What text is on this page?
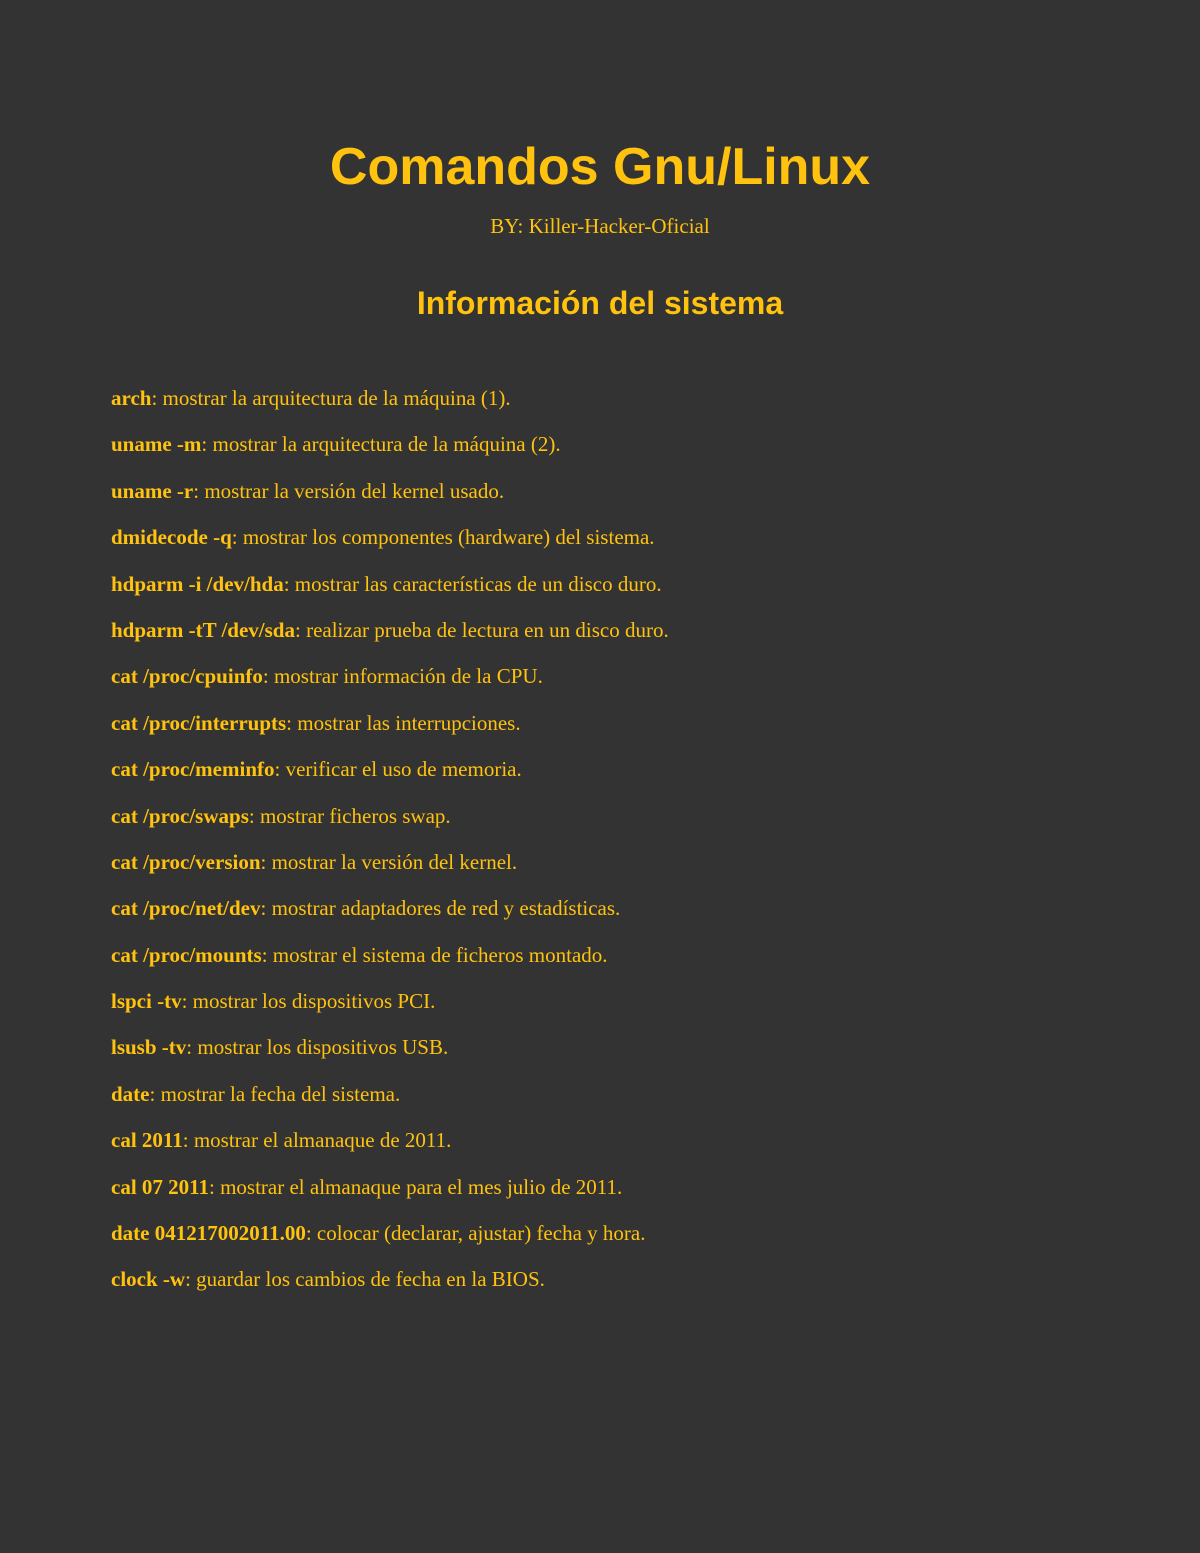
Comandos Gnu/Linux

BY: Killer-Hacker-Oficial

Información del sistema
arch: mostrar la arquitectura de la máquina (1).
uname -m: mostrar la arquitectura de la máquina (2).
uname -r: mostrar la versión del kernel usado.
dmidecode -q: mostrar los componentes (hardware) del sistema.
hdparm -i /dev/hda: mostrar las características de un disco duro.
hdparm -tT /dev/sda: realizar prueba de lectura en un disco duro.
cat /proc/cpuinfo: mostrar información de la CPU.
cat /proc/interrupts: mostrar las interrupciones.
cat /proc/meminfo: verificar el uso de memoria.
cat /proc/swaps: mostrar ficheros swap.
cat /proc/version: mostrar la versión del kernel.
cat /proc/net/dev: mostrar adaptadores de red y estadísticas.
cat /proc/mounts: mostrar el sistema de ficheros montado.
lspci -tv: mostrar los dispositivos PCI.
lsusb -tv: mostrar los dispositivos USB.
date: mostrar la fecha del sistema.
cal 2011: mostrar el almanaque de 2011.
cal 07 2011: mostrar el almanaque para el mes julio de 2011.
date 041217002011.00: colocar (declarar, ajustar) fecha y hora.
clock -w: guardar los cambios de fecha en la BIOS.
